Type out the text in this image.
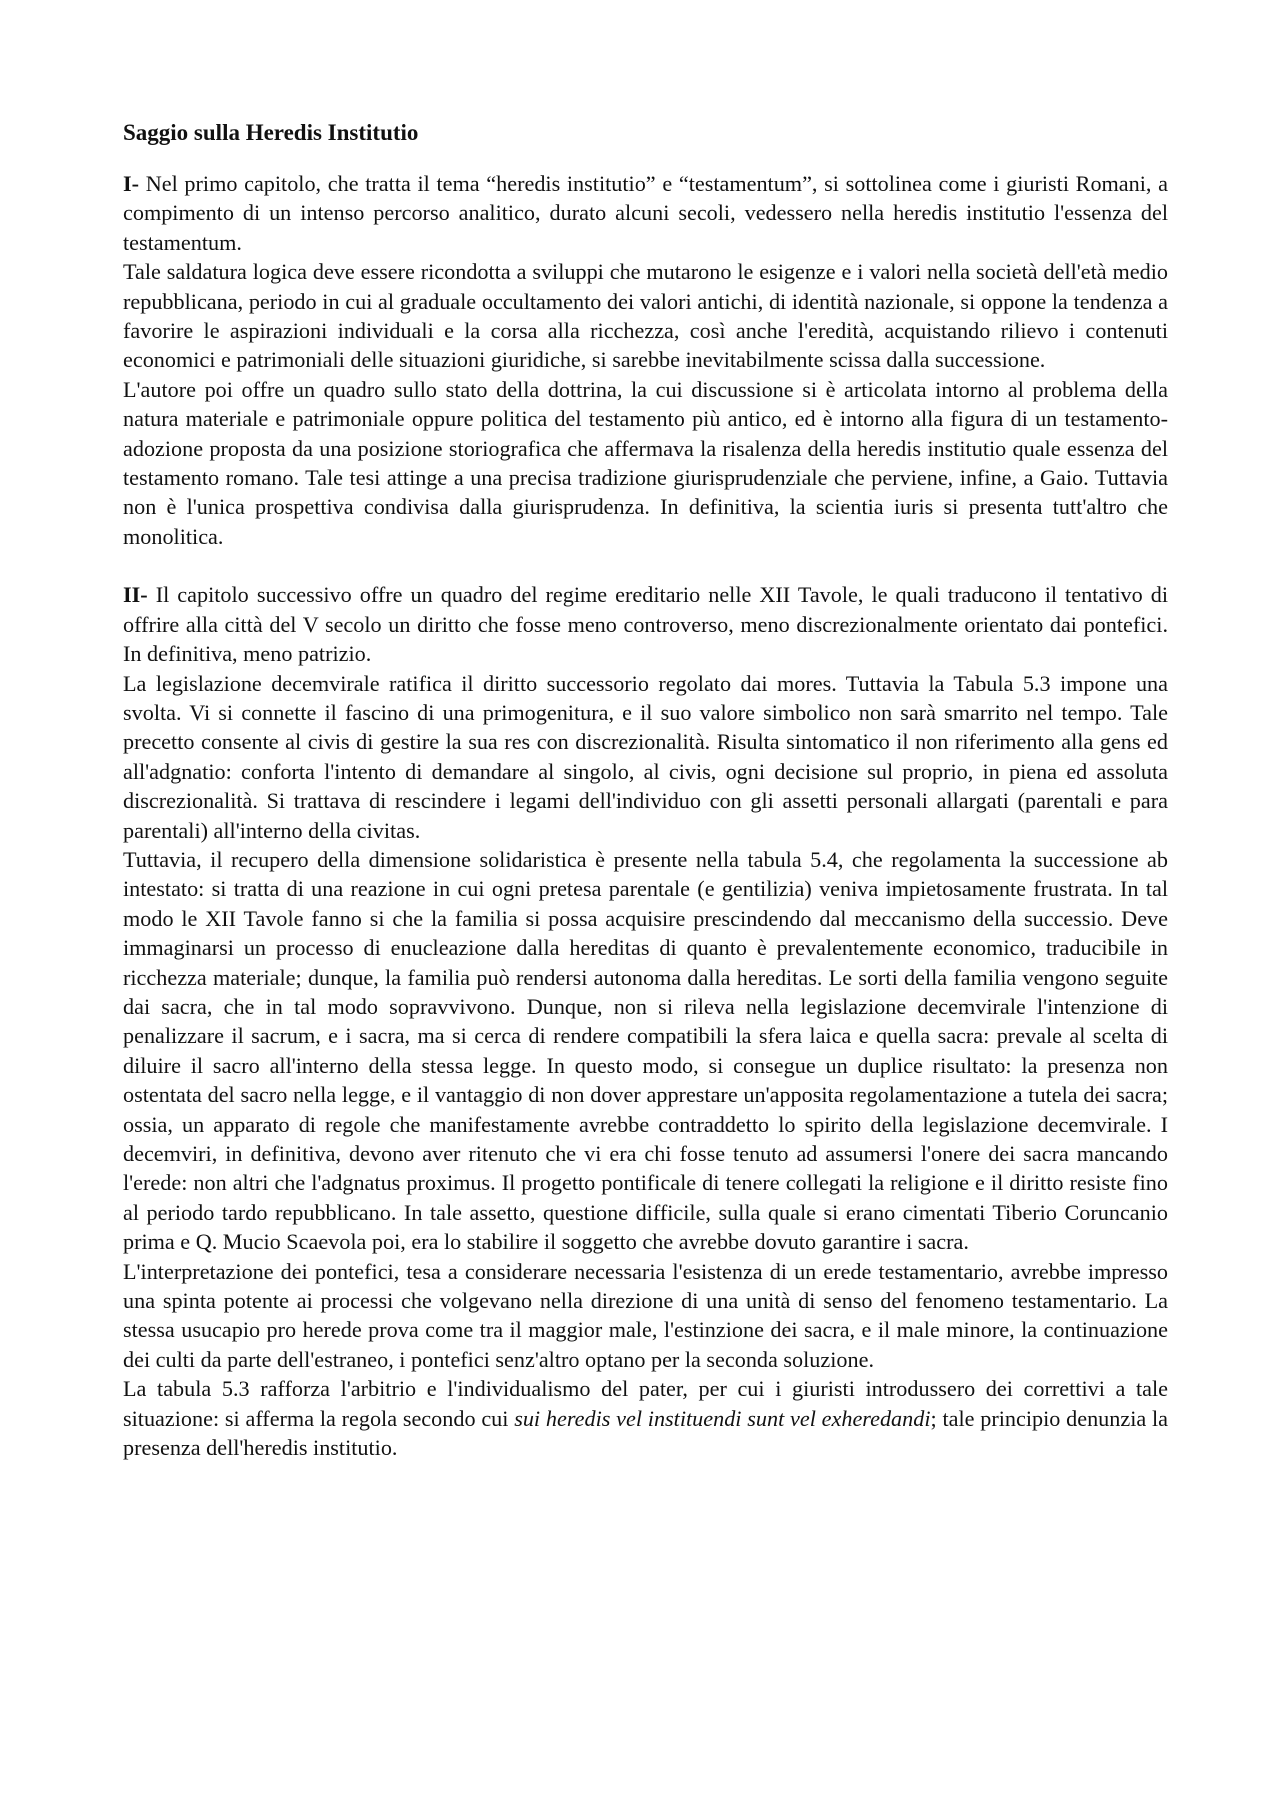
Saggio sulla Heredis Institutio

I- Nel primo capitolo, che tratta il tema “heredis institutio” e “testamentum”, si sottolinea come i giuristi Romani, a compimento di un intenso percorso analitico, durato alcuni secoli, vedessero nella heredis institutio l'essenza del testamentum.

Tale saldatura logica deve essere ricondotta a sviluppi che mutarono le esigenze e i valori nella società dell'età medio repubblicana, periodo in cui al graduale occultamento dei valori antichi, di identità nazionale, si oppone la tendenza a favorire le aspirazioni individuali e la corsa alla ricchezza, così anche l'eredità, acquistando rilievo i contenuti economici e patrimoniali delle situazioni giuridiche, si sarebbe inevitabilmente scissa dalla successione.

L'autore poi offre un quadro sullo stato della dottrina, la cui discussione si è articolata intorno al problema della natura materiale e patrimoniale oppure politica del testamento più antico, ed è intorno alla figura di un testamento-adozione proposta da una posizione storiografica che affermava la risalenza della heredis institutio quale essenza del testamento romano. Tale tesi attinge a una precisa tradizione giurisprudenziale che perviene, infine, a Gaio. Tuttavia non è l'unica prospettiva condivisa dalla giurisprudenza. In definitiva, la scientia iuris si presenta tutt'altro che monolitica.

II- Il capitolo successivo offre un quadro del regime ereditario nelle XII Tavole, le quali traducono il tentativo di offrire alla città del V secolo un diritto che fosse meno controverso, meno discrezionalmente orientato dai pontefici. In definitiva, meno patrizio.

La legislazione decemvirale ratifica il diritto successorio regolato dai mores. Tuttavia la Tabula 5.3 impone una svolta. Vi si connette il fascino di una primogenitura, e il suo valore simbolico non sarà smarrito nel tempo. Tale precetto consente al civis di gestire la sua res con discrezionalità. Risulta sintomatico il non riferimento alla gens ed all'adgnatio: conforta l'intento di demandare al singolo, al civis, ogni decisione sul proprio, in piena ed assoluta discrezionalità. Si trattava di rescindere i legami dell'individuo con gli assetti personali allargati (parentali e para parentali) all'interno della civitas.

Tuttavia, il recupero della dimensione solidaristica è presente nella tabula 5.4, che regolamenta la successione ab intestato: si tratta di una reazione in cui ogni pretesa parentale (e gentilizia) veniva impietosamente frustrata. In tal modo le XII Tavole fanno si che la familia si possa acquisire prescindendo dal meccanismo della successio. Deve immaginarsi un processo di enucleazione dalla hereditas di quanto è prevalentemente economico, traducibile in ricchezza materiale; dunque, la familia può rendersi autonoma dalla hereditas. Le sorti della familia vengono seguite dai sacra, che in tal modo sopravvivono. Dunque, non si rileva nella legislazione decemvirale l'intenzione di penalizzare il sacrum, e i sacra, ma si cerca di rendere compatibili la sfera laica e quella sacra: prevale al scelta di diluire il sacro all'interno della stessa legge. In questo modo, si consegue un duplice risultato: la presenza non ostentata del sacro nella legge, e il vantaggio di non dover apprestare un'apposita regolamentazione a tutela dei sacra; ossia, un apparato di regole che manifestamente avrebbe contraddetto lo spirito della legislazione decemvirale. I decemviri, in definitiva, devono aver ritenuto che vi era chi fosse tenuto ad assumersi l'onere dei sacra mancando l'erede: non altri che l'adgnatus proximus. Il progetto pontificale di tenere collegati la religione e il diritto resiste fino al periodo tardo repubblicano. In tale assetto, questione difficile, sulla quale si erano cimentati Tiberio Coruncanio prima e Q. Mucio Scaevola poi, era lo stabilire il soggetto che avrebbe dovuto garantire i sacra.

L'interpretazione dei pontefici, tesa a considerare necessaria l'esistenza di un erede testamentario, avrebbe impresso una spinta potente ai processi che volgevano nella direzione di una unità di senso del fenomeno testamentario. La stessa usucapio pro herede prova come tra il maggior male, l'estinzione dei sacra, e il male minore, la continuazione dei culti da parte dell'estraneo, i pontefici senz'altro optano per la seconda soluzione.

La tabula 5.3 rafforza l'arbitrio e l'individualismo del pater, per cui i giuristi introdussero dei correttivi a tale situazione: si afferma la regola secondo cui sui heredis vel instituendi sunt vel exheredandi; tale principio denunzia la presenza dell'heredis institutio.
